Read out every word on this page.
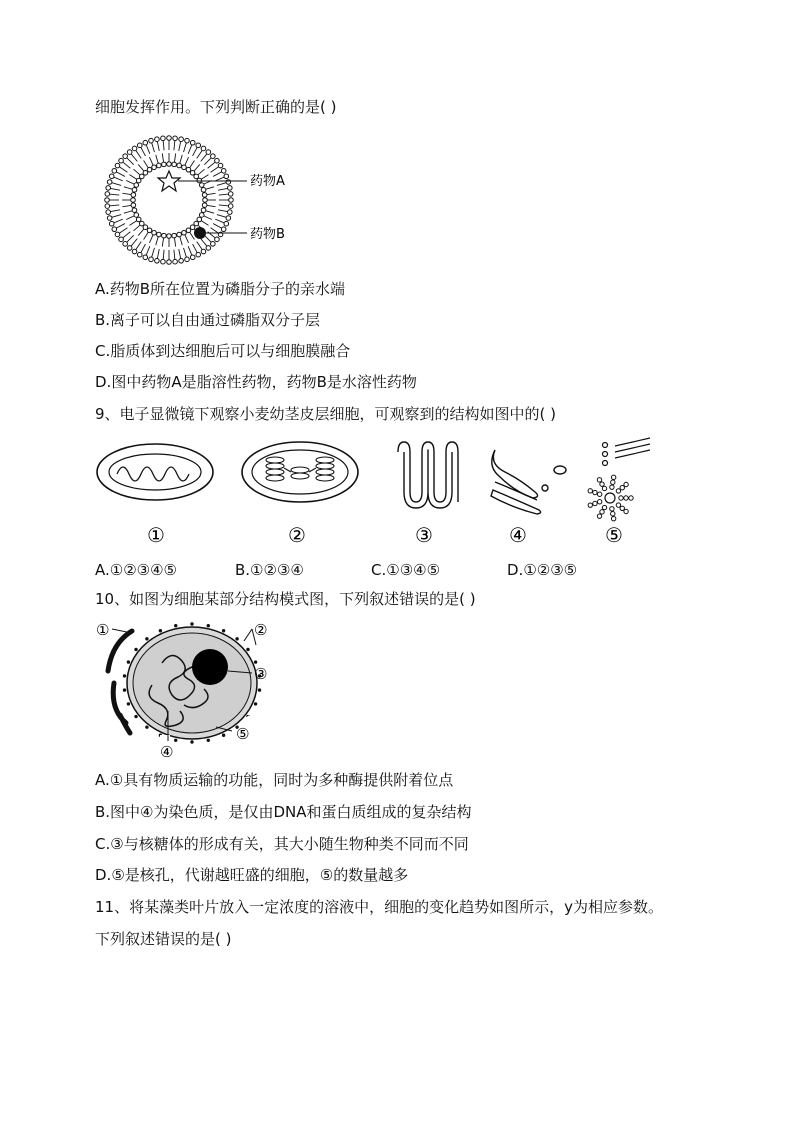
细胞发挥作用。下列判断正确的是( )
药物A
药物B
A.药物B所在位置为磷脂分子的亲水端
B.离子可以自由通过磷脂双分子层
C.脂质体到达细胞后可以与细胞膜融合
D.图中药物A是脂溶性药物，药物B是水溶性药物
9、电子显微镜下观察小麦幼茎皮层细胞，可观察到的结构如图中的( )
①	②	③	④	⑤
A.①②③④⑤	B.①②③④	C.①③④⑤	D.①②③⑤
10、如图为细胞某部分结构模式图，下列叙述错误的是( )
①	②
③
④
⑤
A.①具有物质运输的功能，同时为多种酶提供附着位点
B.图中④为染色质，是仅由DNA和蛋白质组成的复杂结构
C.③与核糖体的形成有关，其大小随生物种类不同而不同
D.⑤是核孔，代谢越旺盛的细胞，⑤的数量越多
11、将某藻类叶片放入一定浓度的溶液中，细胞的变化趋势如图所示，y为相应参数。
下列叙述错误的是( )
